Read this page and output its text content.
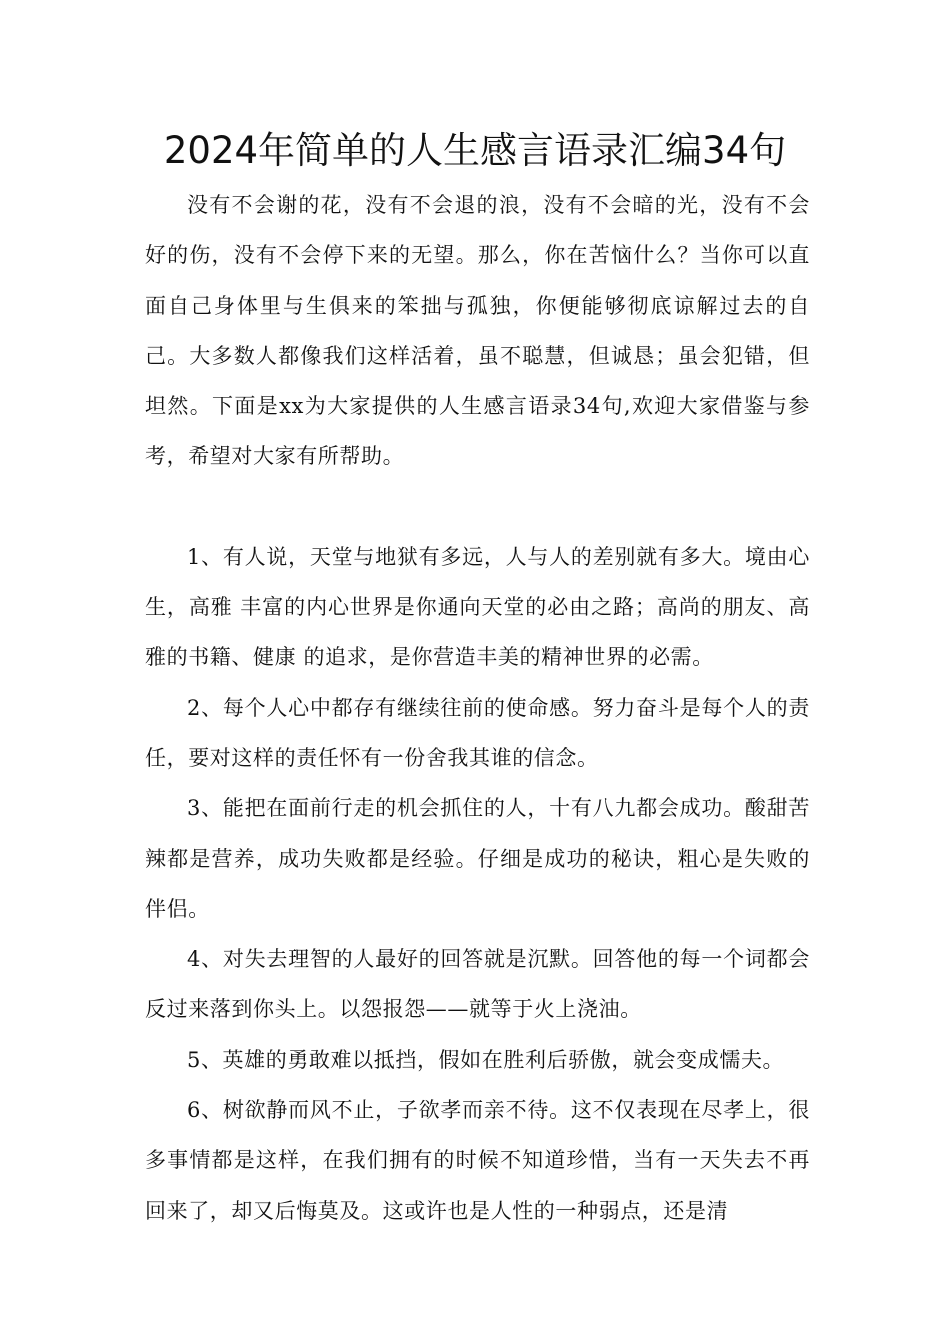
2024年简单的人生感言语录汇编34句

没有不会谢的花，没有不会退的浪，没有不会暗的光，没有不会好的伤，没有不会停下来的无望。那么，你在苦恼什么？当你可以直面自己身体里与生俱来的笨拙与孤独，你便能够彻底谅解过去的自己。大多数人都像我们这样活着，虽不聪慧，但诚恳；虽会犯错，但坦然。下面是xx为大家提供的人生感言语录34句,欢迎大家借鉴与参考，希望对大家有所帮助。

1、有人说，天堂与地狱有多远，人与人的差别就有多大。境由心生，高雅 丰富的内心世界是你通向天堂的必由之路；高尚的朋友、高雅的书籍、健康 的追求，是你营造丰美的精神世界的必需。

2、每个人心中都存有继续往前的使命感。努力奋斗是每个人的责任，要对这样的责任怀有一份舍我其谁的信念。

3、能把在面前行走的机会抓住的人，十有八九都会成功。酸甜苦辣都是营养，成功失败都是经验。仔细是成功的秘诀，粗心是失败的伴侣。

4、对失去理智的人最好的回答就是沉默。回答他的每一个词都会反过来落到你头上。以怨报怨——就等于火上浇油。

5、英雄的勇敢难以抵挡，假如在胜利后骄傲，就会变成懦夫。

6、树欲静而风不止，子欲孝而亲不待。这不仅表现在尽孝上，很多事情都是这样，在我们拥有的时候不知道珍惜，当有一天失去不再回来了，却又后悔莫及。这或许也是人性的一种弱点，还是清
